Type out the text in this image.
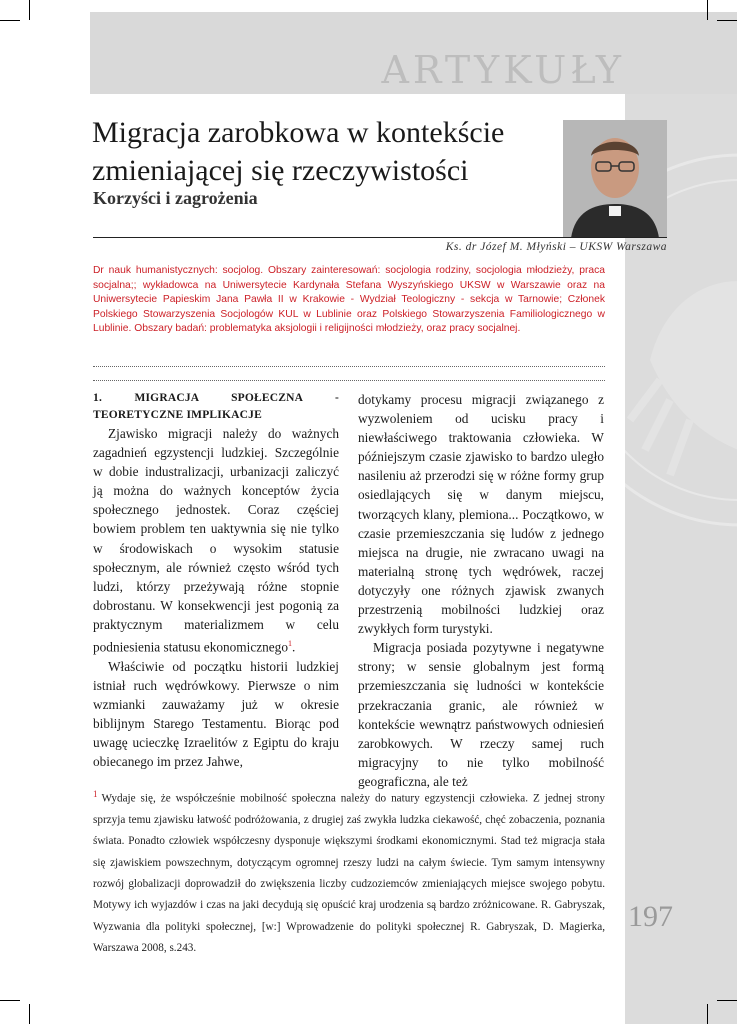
ARTYKUŁY
Migracja zarobkowa w kontekście zmieniającej się rzeczywistości
Korzyści i zagrożenia
Ks. dr Józef M. Młyński – UKSW Warszawa

Dr nauk humanistycznych: socjolog. Obszary zainteresowań: socjologia rodziny, socjologia młodzieży, praca socjalna;; wykładowca na Uniwersytecie Kardynała Stefana Wyszyńskiego UKSW w Warszawie oraz na Uniwersytecie Papieskim Jana Pawła II w Krakowie - Wydział Teologiczny - sekcja w Tarnowie; Członek Polskiego Stowarzyszenia Socjologów KUL w Lublinie oraz Polskiego Stowarzyszenia Familiologicznego w Lublinie. Obszary badań: problematyka aksjologii i religijności młodzieży, oraz pracy socjalnej.

1. MIGRACJA SPOŁECZNA - TEORETYCZNE IMPLIKACJE

Zjawisko migracji należy do ważnych zagadnień egzystencji ludzkiej. Szczególnie w dobie industralizacji, urbanizacji zaliczyć ją można do ważnych konceptów życia społecznego jednostek. Coraz częściej bowiem problem ten uaktywnia się nie tylko w środowiskach o wysokim statusie społecznym, ale również często wśród tych ludzi, którzy przeżywają różne stopnie dobrostanu. W konsekwencji jest pogonią za praktycznym materializmem w celu podniesienia statusu ekonomicznego$^1$.

Właściwie od początku historii ludzkiej istniał ruch wędrówkowy. Pierwsze o nim wzmianki zauważamy już w okresie biblijnym Starego Testamentu. Biorąc pod uwagę ucieczkę Izraelitów z Egiptu do kraju obiecanego im przez Jahwe,

dotykamy procesu migracji związanego z wyzwoleniem od ucisku pracy i niewłaściwego traktowania człowieka. W późniejszym czasie zjawisko to bardzo uległo nasileniu aż przerodzi się w różne formy grup osiedlających się w danym miejscu, tworzących klany, plemiona... Początkowo, w czasie przemieszczania się ludów z jednego miejsca na drugie, nie zwracano uwagi na materialną stronę tych wędrówek, raczej dotyczyły one różnych zjawisk zwanych przestrzenią mobilności ludzkiej oraz zwykłych form turystyki.

Migracja posiada pozytywne i negatywne strony; w sensie globalnym jest formą przemieszczania się ludności w kontekście przekraczania granic, ale również w kontekście wewnątrz państwowych odniesień zarobkowych. W rzeczy samej ruch migracyjny to nie tylko mobilność geograficzna, ale też

$^1$ Wydaje się, że współcześnie mobilność społeczna należy do natury egzystencji człowieka. Z jednej strony sprzyja temu zjawisku łatwość podróżowania, z drugiej zaś zwykła ludzka ciekawość, chęć zobaczenia, poznania świata. Ponadto człowiek współczesny dysponuje większymi środkami ekonomicznymi. Stad też migracja stała się zjawiskiem powszechnym, dotyczącym ogromnej rzeszy ludzi na całym świecie. Tym samym intensywny rozwój globalizacji doprowadził do zwiększenia liczby cudzoziemców zmieniających miejsce swojego pobytu. Motywy ich wyjazdów i czas na jaki decydują się opuścić kraj urodzenia są bardzo zróżnicowane. R. Gabryszak, Wyzwania dla polityki społecznej, [w:] Wprowadzenie do polityki społecznej R. Gabryszak, D. Magierka, Warszawa 2008, s.243.

197
